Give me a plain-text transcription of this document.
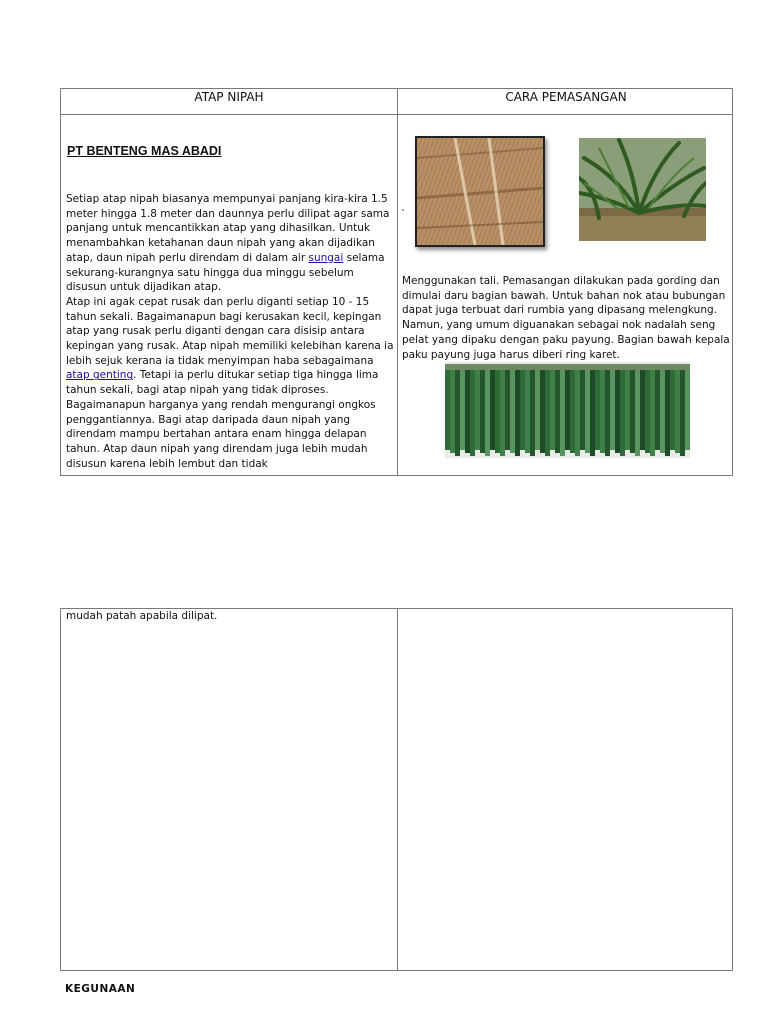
ATAP NIPAH	CARA PEMASANGAN
PT BENTENG MAS ABADI
Setiap atap nipah biasanya mempunyai panjang kira-kira 1.5 meter hingga 1.8 meter dan daunnya perlu dilipat agar sama panjang untuk mencantikkan atap yang dihasilkan. Untuk menambahkan ketahanan daun nipah yang akan dijadikan atap, daun nipah perlu direndam di dalam air sungai selama sekurang-kurangnya satu hingga dua minggu sebelum disusun untuk dijadikan atap.
Atap ini agak cepat rusak dan perlu diganti setiap 10 - 15 tahun sekali. Bagaimanapun bagi kerusakan kecil, kepingan atap yang rusak perlu diganti dengan cara disisip antara kepingan yang rusak. Atap nipah memiliki kelebihan karena ia lebih sejuk kerana ia tidak menyimpan haba sebagaimana atap genting. Tetapi ia perlu ditukar setiap tiga hingga lima tahun sekali, bagi atap nipah yang tidak diproses. Bagaimanapun harganya yang rendah mengurangi ongkos penggantiannya. Bagi atap daripada daun nipah yang direndam mampu bertahan antara enam hingga delapan tahun. Atap daun nipah yang direndam juga lebih mudah disusun karena lebih lembut dan tidak
`
Menggunakan tali. Pemasangan dilakukan pada gording dan dimulai daru bagian bawah. Untuk bahan nok atau bubungan dapat juga terbuat dari rumbia yang dipasang melengkung. Namun, yang umum diguanakan sebagai nok nadalah seng pelat yang dipaku dengan paku payung. Bagian bawah kepala paku payung juga harus diberi ring karet.
mudah patah apabila dilipat.
KEGUNAAN
